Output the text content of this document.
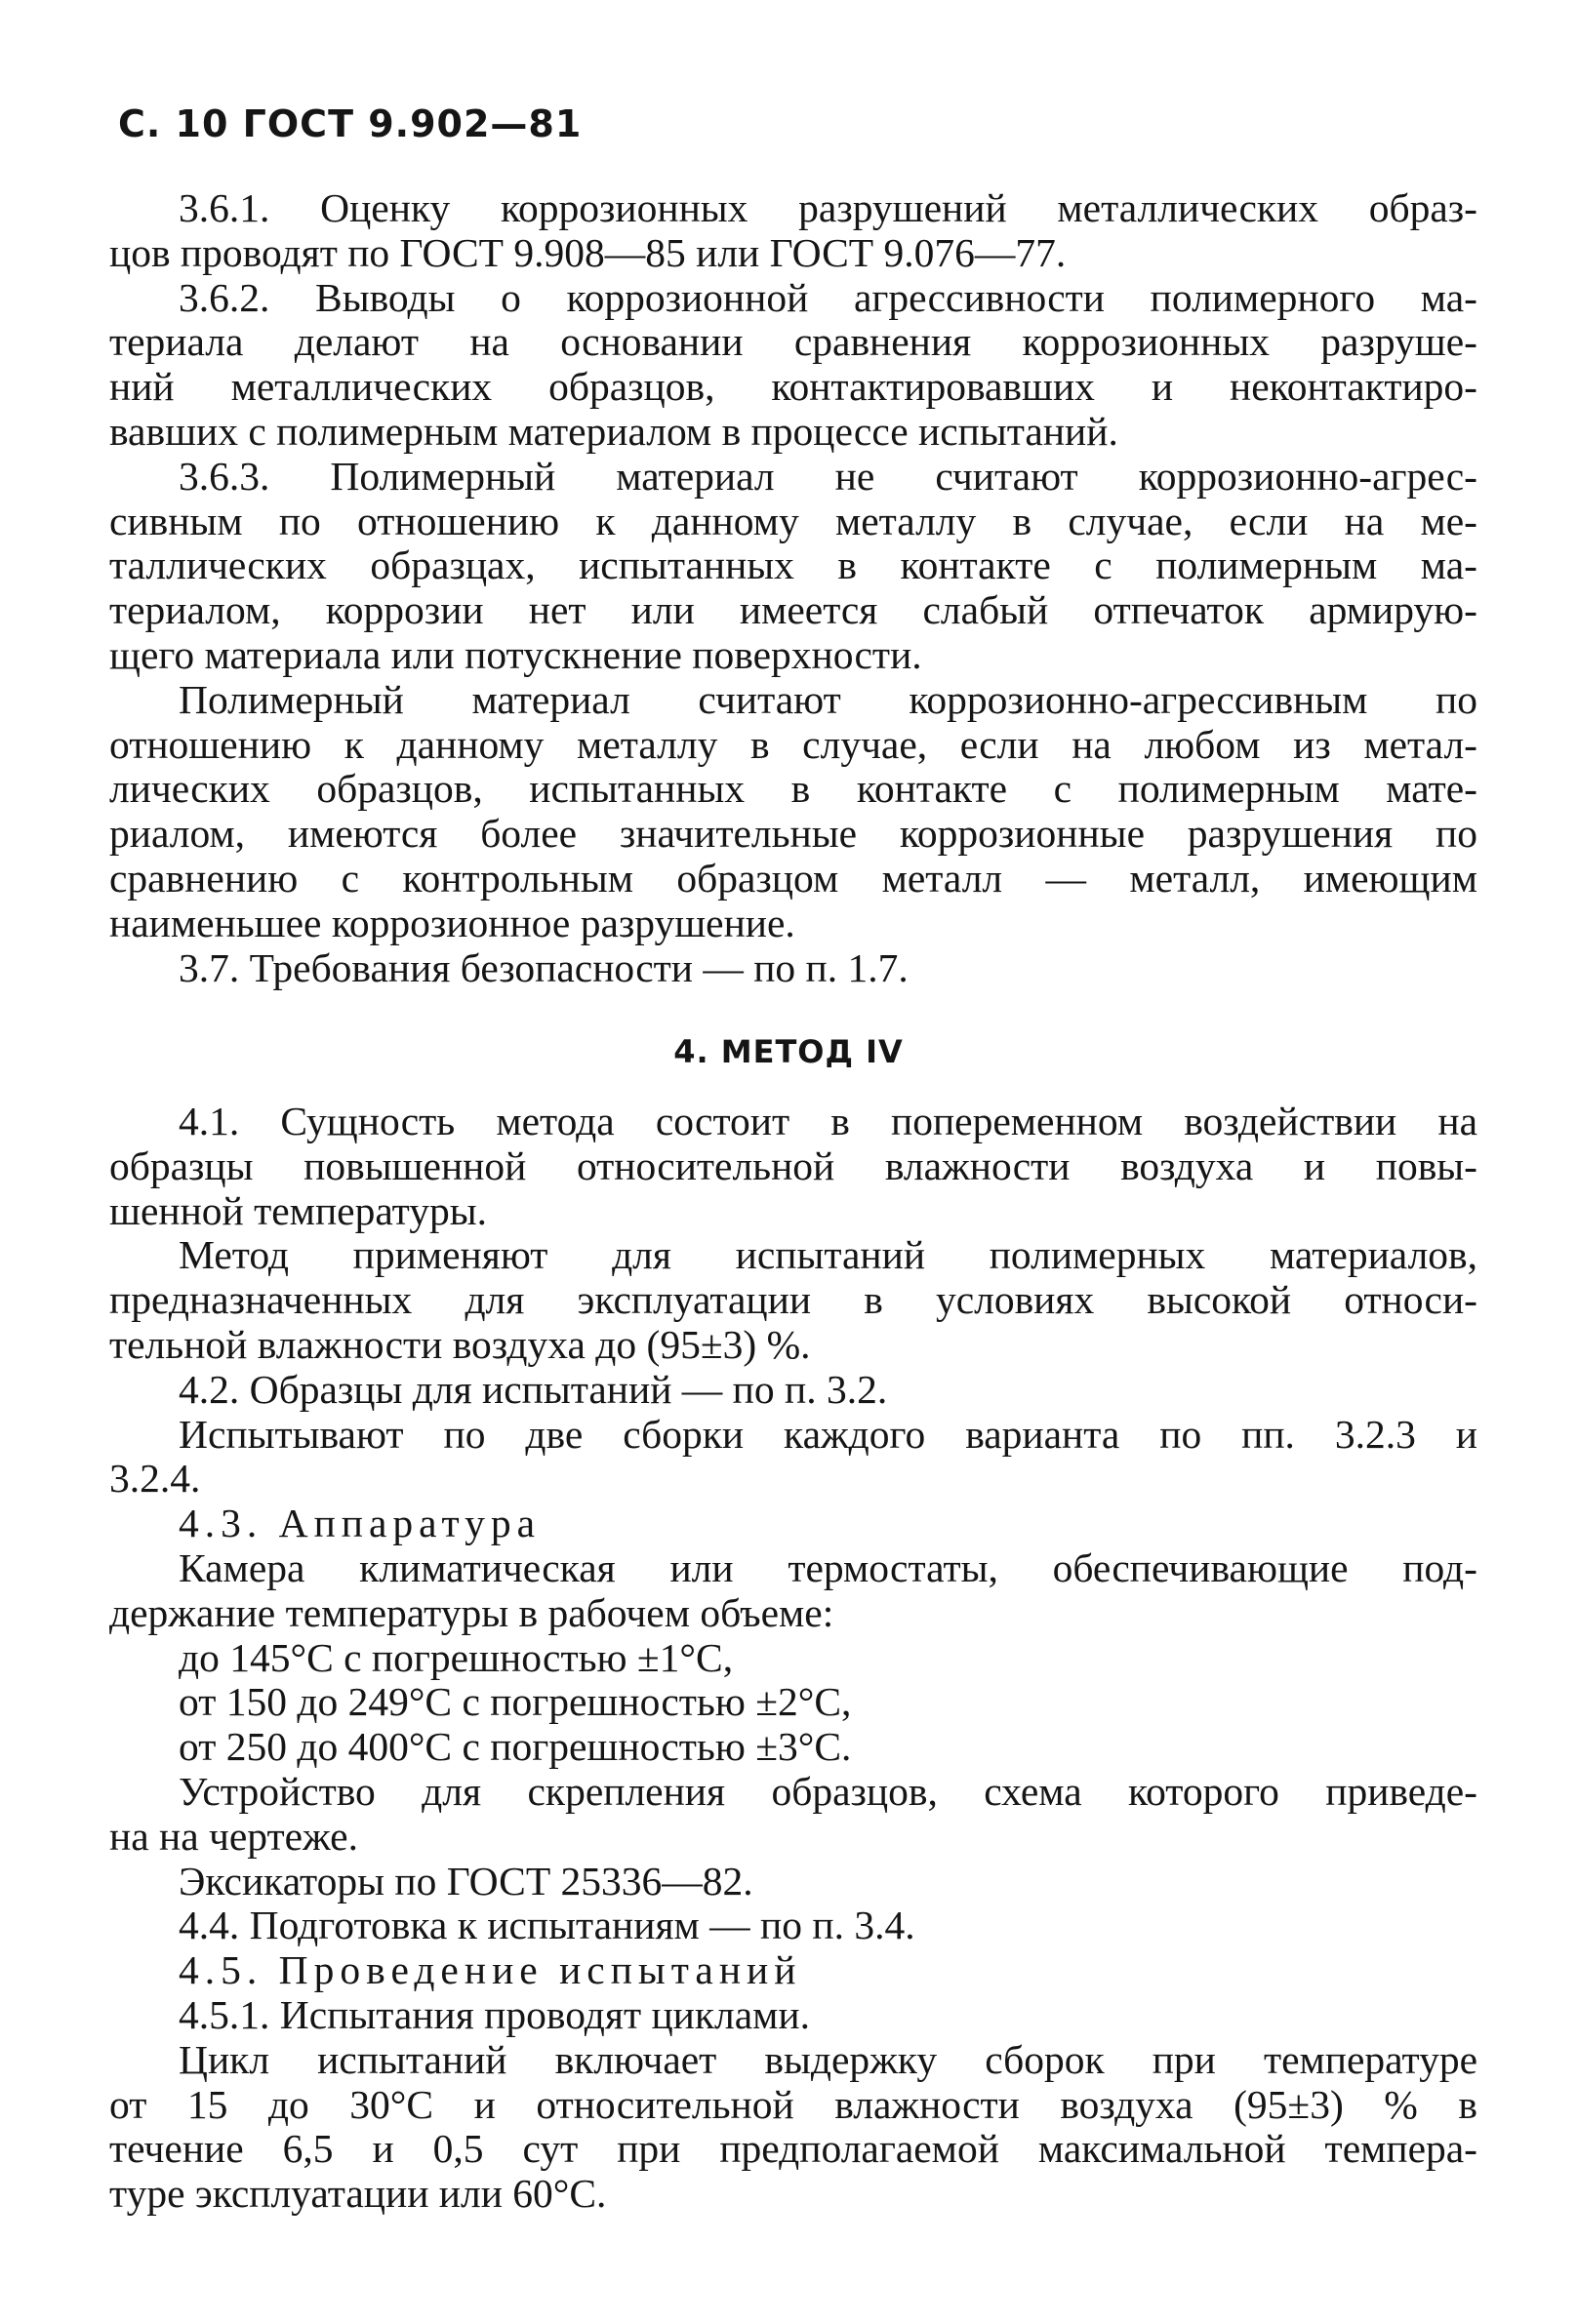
С. 10 ГОСТ 9.902—81
3.6.1. Оценку коррозионных разрушений металлических образ-
цов проводят по ГОСТ 9.908—85 или ГОСТ 9.076—77.
3.6.2. Выводы о коррозионной агрессивности полимерного ма-
териала делают на основании сравнения коррозионных разруше-
ний металлических образцов, контактировавших и неконтактиро-
вавших с полимерным материалом в процессе испытаний.
3.6.3. Полимерный материал не считают коррозионно-агрес-
сивным по отношению к данному металлу в случае, если на ме-
таллических образцах, испытанных в контакте с полимерным ма-
териалом, коррозии нет или имеется слабый отпечаток армирую-
щего материала или потускнение поверхности.
Полимерный материал считают коррозионно-агрессивным по
отношению к данному металлу в случае, если на любом из метал-
лических образцов, испытанных в контакте с полимерным мате-
риалом, имеются более значительные коррозионные разрушения по
сравнению с контрольным образцом металл — металл, имеющим
наименьшее коррозионное разрушение.
3.7. Требования безопасности — по п. 1.7.
4. МЕТОД IV
4.1. Сущность метода состоит в попеременном воздействии на
образцы повышенной относительной влажности воздуха и повы-
шенной температуры.
Метод применяют для испытаний полимерных материалов,
предназначенных для эксплуатации в условиях высокой относи-
тельной влажности воздуха до (95±3) %.
4.2. Образцы для испытаний — по п. 3.2.
Испытывают по две сборки каждого варианта по пп. 3.2.3 и
3.2.4.
4.3. Аппаратура
Камера климатическая или термостаты, обеспечивающие под-
держание температуры в рабочем объеме:
до 145°С с погрешностью ±1°С,
от 150 до 249°С с погрешностью ±2°С,
от 250 до 400°С с погрешностью ±3°С.
Устройство для скрепления образцов, схема которого приведе-
на на чертеже.
Эксикаторы по ГОСТ 25336—82.
4.4. Подготовка к испытаниям — по п. 3.4.
4.5. Проведение испытаний
4.5.1. Испытания проводят циклами.
Цикл испытаний включает выдержку сборок при температуре
от 15 до 30°С и относительной влажности воздуха (95±3) % в
течение 6,5 и 0,5 сут при предполагаемой максимальной темпера-
туре эксплуатации или 60°С.
